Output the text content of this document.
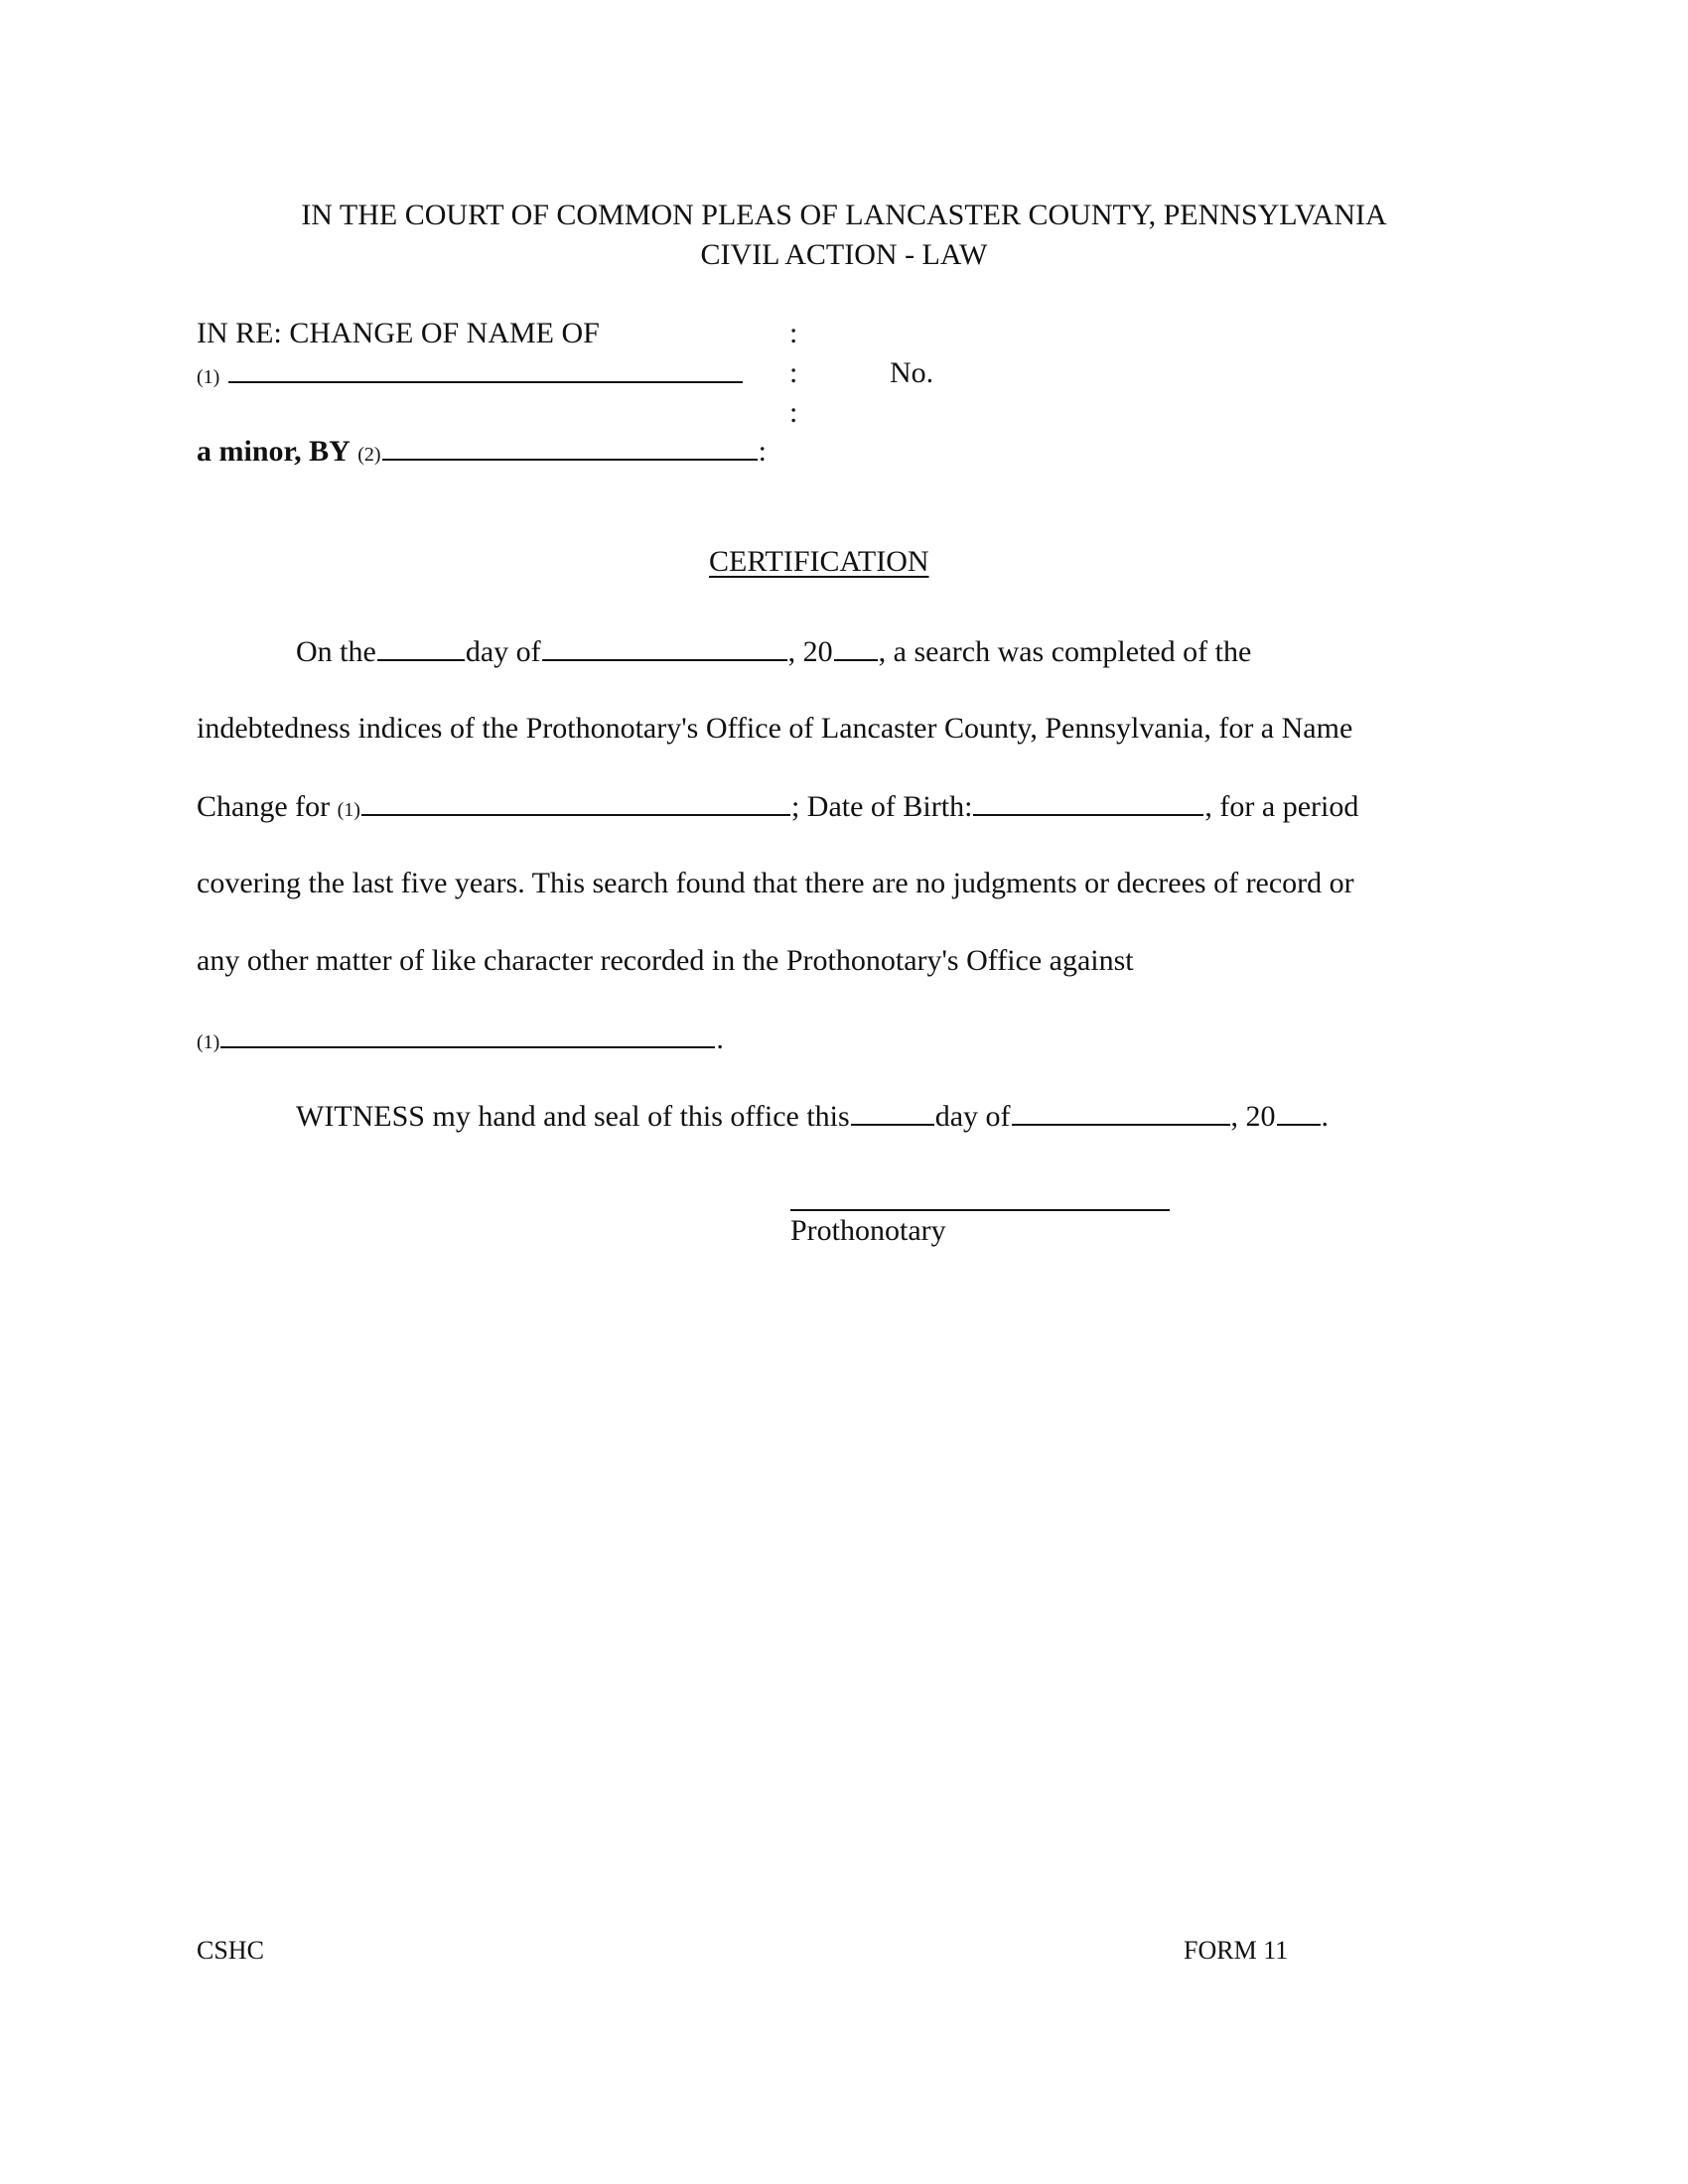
IN THE COURT OF COMMON PLEAS OF LANCASTER COUNTY, PENNSYLVANIA
CIVIL ACTION - LAW
IN RE: CHANGE OF NAME OF	:
(1)	:	No.
:
a minor, BY (2)	:
CERTIFICATION
On the	day of	, 20 , a search was completed of the
indebtedness indices of the Prothonotary's Office of Lancaster County, Pennsylvania, for a Name
Change for (1)	; Date of Birth:	, for a period
covering the last five years. This search found that there are no judgments or decrees of record or
any other matter of like character recorded in the Prothonotary's Office against
(1)	.
WITNESS my hand and seal of this office this	day of	, 20 .
Prothonotary
CSHC	FORM 11
